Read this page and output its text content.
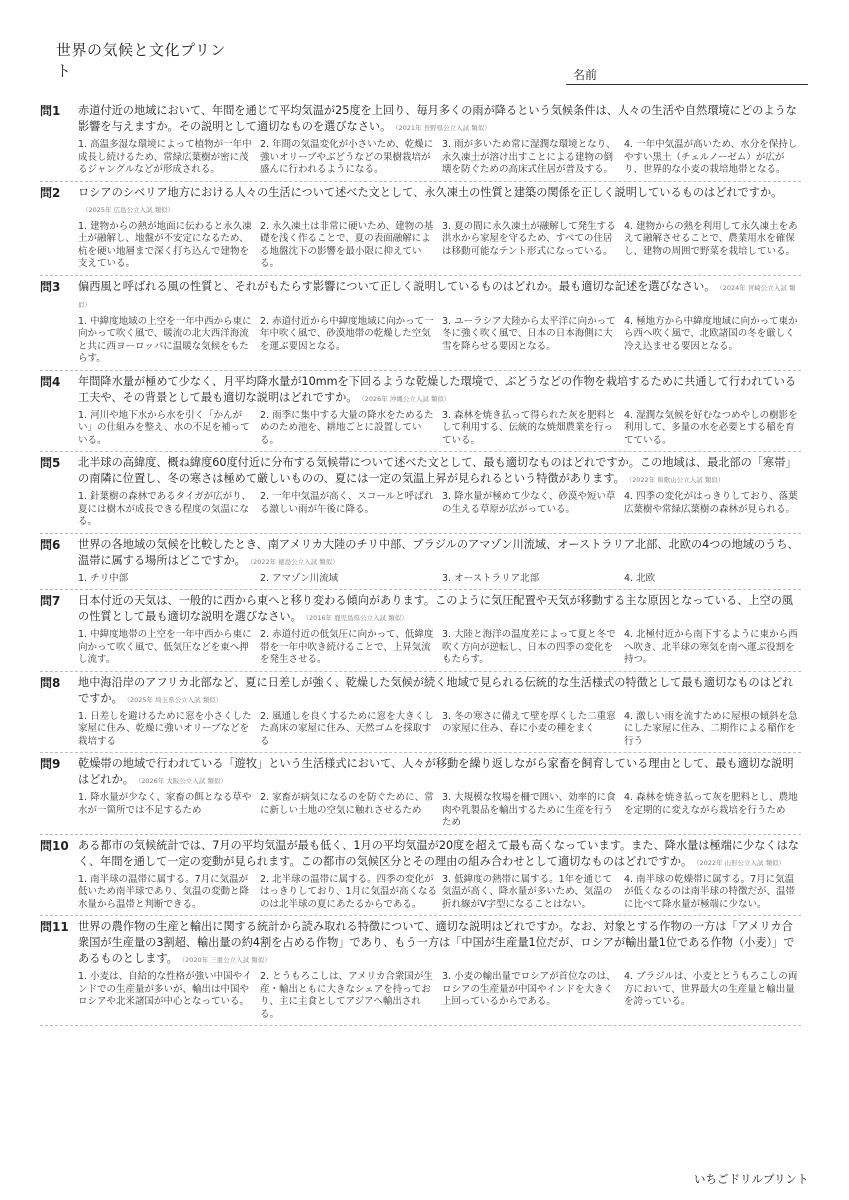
世界の気候と文化プリント	名前
問1	赤道付近の地域において、年間を通じて平均気温が25度を上回り、毎月多くの雨が降るという気候条件は、人々の生活や自然環境にどのような影響を与えますか。その説明として適切なものを選びなさい。 （2021年 長野県公立入試 類似）
1. 高温多湿な環境によって植物が一年中成長し続けるため、常緑広葉樹が密に茂るジャングルなどが形成される。
2. 年間の気温変化が小さいため、乾燥に強いオリーブやぶどうなどの果樹栽培が盛んに行われるようになる。
3. 雨が多いため常に湿潤な環境となり、永久凍土が溶け出すことによる建物の倒壊を防ぐための高床式住居が普及する。
4. 一年中気温が高いため、水分を保持しやすい黒土（チェルノーゼム）が広がり、世界的な小麦の栽培地帯となる。
問2	ロシアのシベリア地方における人々の生活について述べた文として、永久凍土の性質と建築の関係を正しく説明しているものはどれですか。（2025年 広島公立入試 類似）
1. 建物からの熱が地面に伝わると永久凍土が融解し、地盤が不安定になるため、杭を硬い地層まで深く打ち込んで建物を支えている。
2. 永久凍土は非常に硬いため、建物の基礎を浅く作ることで、夏の表面融解による地盤沈下の影響を最小限に抑えている。
3. 夏の間に永久凍土が融解して発生する洪水から家屋を守るため、すべての住居は移動可能なテント形式になっている。
4. 建物からの熱を利用して永久凍土をあえて融解させることで、農業用水を確保し、建物の周囲で野菜を栽培している。
問3	偏西風と呼ばれる風の性質と、それがもたらす影響について正しく説明しているものはどれか。最も適切な記述を選びなさい。 （2024年 宮崎公立入試 類似）
1. 中緯度地域の上空を一年中西から東に向かって吹く風で、暖流の北大西洋海流と共に西ヨーロッパに温暖な気候をもたらす。
2. 赤道付近から中緯度地域に向かって一年中吹く風で、砂漠地帯の乾燥した空気を運ぶ要因となる。
3. ユーラシア大陸から太平洋に向かって冬に強く吹く風で、日本の日本海側に大雪を降らせる要因となる。
4. 極地方から中緯度地域に向かって東から西へ吹く風で、北欧諸国の冬を厳しく冷え込ませる要因となる。
問4	年間降水量が極めて少なく、月平均降水量が10mmを下回るような乾燥した環境で、ぶどうなどの作物を栽培するために共通して行われている工夫や、その背景として最も適切な説明はどれですか。 （2026年 沖縄公立入試 類似）
1. 河川や地下水から水を引く「かんがい」の仕組みを整え、水の不足を補っている。
2. 雨季に集中する大量の降水をためるためのため池を、耕地ごとに設置している。
3. 森林を焼き払って得られた灰を肥料として利用する、伝統的な焼畑農業を行っている。
4. 湿潤な気候を好むなつめやしの樹影を利用して、多量の水を必要とする稲を育てている。
問5	北半球の高緯度、概ね緯度60度付近に分布する気候帯について述べた文として、最も適切なものはどれですか。この地域は、最北部の「寒帯」の南隣に位置し、冬の寒さは極めて厳しいものの、夏には一定の気温上昇が見られるという特徴があります。 （2022年 和歌山公立入試 類似）
1. 針葉樹の森林であるタイガが広がり、夏には樹木が成長できる程度の気温になる。
2. 一年中気温が高く、スコールと呼ばれる激しい雨が午後に降る。
3. 降水量が極めて少なく、砂漠や短い草の生える草原が広がっている。
4. 四季の変化がはっきりしており、落葉広葉樹や常緑広葉樹の森林が見られる。
問6	世界の各地域の気候を比較したとき、南アメリカ大陸のチリ中部、ブラジルのアマゾン川流域、オーストラリア北部、北欧の4つの地域のうち、温帯に属する場所はどこですか。 （2022年 徳島公立入試 類似）
1. チリ中部	2. アマゾン川流域	3. オーストラリア北部	4. 北欧
問7	日本付近の天気は、一般的に西から東へと移り変わる傾向があります。このように気圧配置や天気が移動する主な原因となっている、上空の風の性質として最も適切な説明を選びなさい。 （2016年 鹿児島県公立入試 類似）
1. 中緯度地帯の上空を一年中西から東に向かって吹く風で、低気圧などを東へ押し流す。
2. 赤道付近の低気圧に向かって、低緯度帯を一年中吹き続けることで、上昇気流を発生させる。
3. 大陸と海洋の温度差によって夏と冬で吹く方向が逆転し、日本の四季の変化をもたらす。
4. 北極付近から南下するように東から西へ吹き、北半球の寒気を南へ運ぶ役割を持つ。
問8	地中海沿岸のアフリカ北部など、夏に日差しが強く、乾燥した気候が続く地域で見られる伝統的な生活様式の特徴として最も適切なものはどれですか。 （2025年 埼玉県公立入試 類似）
1. 日差しを避けるために窓を小さくした家屋に住み、乾燥に強いオリーブなどを栽培する
2. 風通しを良くするために窓を大きくした高床の家屋に住み、天然ゴムを採取する
3. 冬の寒さに備えて壁を厚くした二重窓の家屋に住み、春に小麦の種をまく
4. 激しい雨を流すために屋根の傾斜を急にした家屋に住み、二期作による稲作を行う
問9	乾燥帯の地域で行われている「遊牧」という生活様式において、人々が移動を繰り返しながら家畜を飼育している理由として、最も適切な説明はどれか。 （2026年 大阪公立入試 類似）
1. 降水量が少なく、家畜の餌となる草や水が一箇所では不足するため
2. 家畜が病気になるのを防ぐために、常に新しい土地の空気に触れさせるため
3. 大規模な牧場を柵で囲い、効率的に食肉や乳製品を輸出するために生産を行うため
4. 森林を焼き払って灰を肥料とし、農地を定期的に変えながら栽培を行うため
問10 ある都市の気候統計では、7月の平均気温が最も低く、1月の平均気温が20度を超えて最も高くなっています。また、降水量は極端に少なくはなく、年間を通して一定の変動が見られます。この都市の気候区分とその理由の組み合わせとして適切なものはどれですか。 （2022年 山形公立入試 類似）
1. 南半球の温帯に属する。7月に気温が低いため南半球であり、気温の変動と降水量から温帯と判断できる。
2. 北半球の温帯に属する。四季の変化がはっきりしており、1月に気温が高くなるのは北半球の夏にあたるからである。
3. 低緯度の熱帯に属する。1年を通じて気温が高く、降水量が多いため、気温の折れ線がV字型になることはない。
4. 南半球の乾燥帯に属する。7月に気温が低くなるのは南半球の特徴だが、温帯に比べて降水量が極端に少ない。
問11 世界の農作物の生産と輸出に関する統計から読み取れる特徴について、適切な説明はどれですか。なお、対象とする作物の一方は「アメリカ合衆国が生産量の3割超、輸出量の約4割を占める作物」であり、もう一方は「中国が生産量1位だが、ロシアが輸出量1位である作物（小麦）」であるものとします。 （2020年 三重公立入試 類似）
1. 小麦は、自給的な性格が強い中国やインドでの生産量が多いが、輸出は中国やロシアや北米諸国が中心となっている。
2. とうもろこしは、アメリカ合衆国が生産・輸出ともに大きなシェアを持っており、主に主食としてアジアへ輸出される。
3. 小麦の輸出量でロシアが首位なのは、ロシアの生産量が中国やインドを大きく上回っているからである。
4. ブラジルは、小麦ととうもろこしの両方において、世界最大の生産量と輸出量を誇っている。
いちごドリルプリント
